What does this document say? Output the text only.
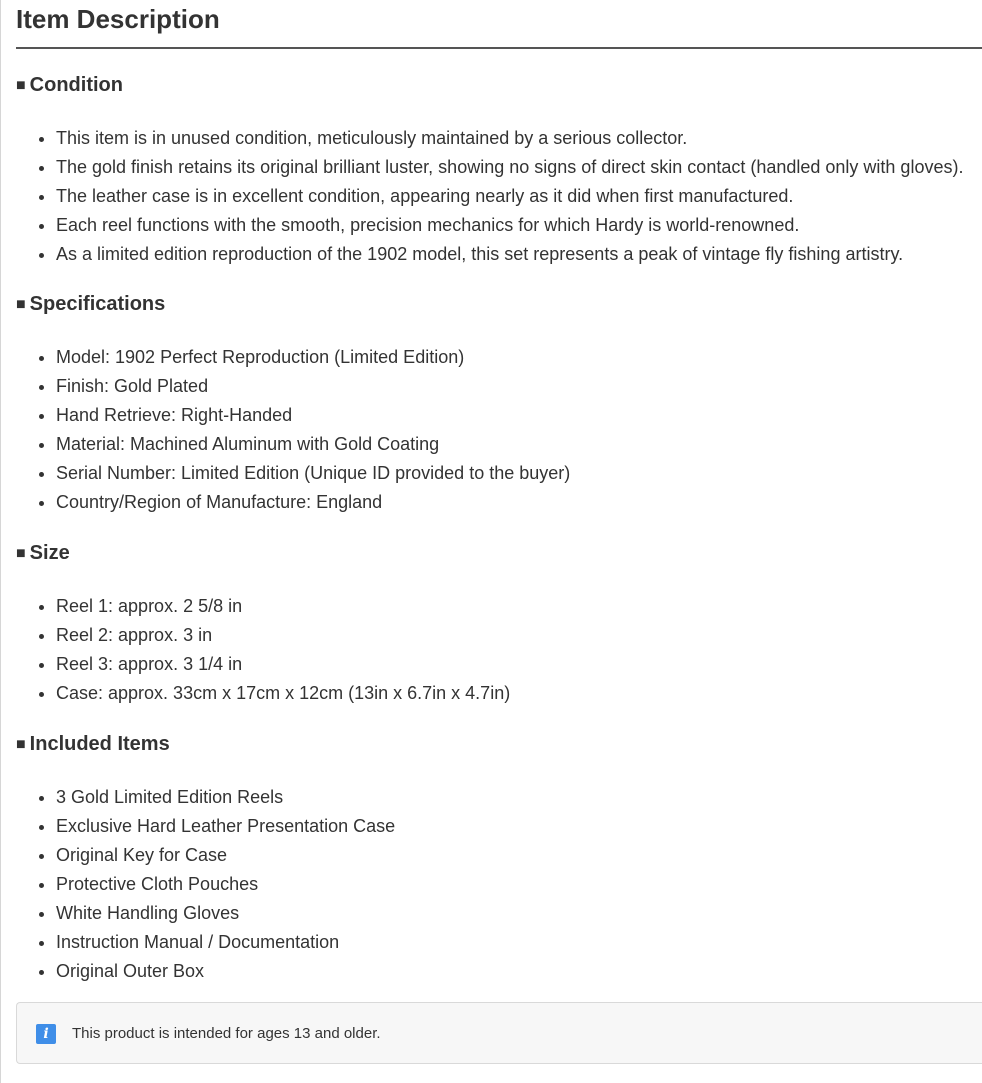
Item Description
■ Condition
• This item is in unused condition, meticulously maintained by a serious collector.
• The gold finish retains its original brilliant luster, showing no signs of direct skin contact (handled only with gloves).
• The leather case is in excellent condition, appearing nearly as it did when first manufactured.
• Each reel functions with the smooth, precision mechanics for which Hardy is world-renowned.
• As a limited edition reproduction of the 1902 model, this set represents a peak of vintage fly fishing artistry.
■ Specifications
• Model: 1902 Perfect Reproduction (Limited Edition)
• Finish: Gold Plated
• Hand Retrieve: Right-Handed
• Material: Machined Aluminum with Gold Coating
• Serial Number: Limited Edition (Unique ID provided to the buyer)
• Country/Region of Manufacture: England
■ Size
• Reel 1: approx. 2 5/8 in
• Reel 2: approx. 3 in
• Reel 3: approx. 3 1/4 in
• Case: approx. 33cm x 17cm x 12cm (13in x 6.7in x 4.7in)
■ Included Items
• 3 Gold Limited Edition Reels
• Exclusive Hard Leather Presentation Case
• Original Key for Case
• Protective Cloth Pouches
• White Handling Gloves
• Instruction Manual / Documentation
• Original Outer Box
i	This product is intended for ages 13 and older.
